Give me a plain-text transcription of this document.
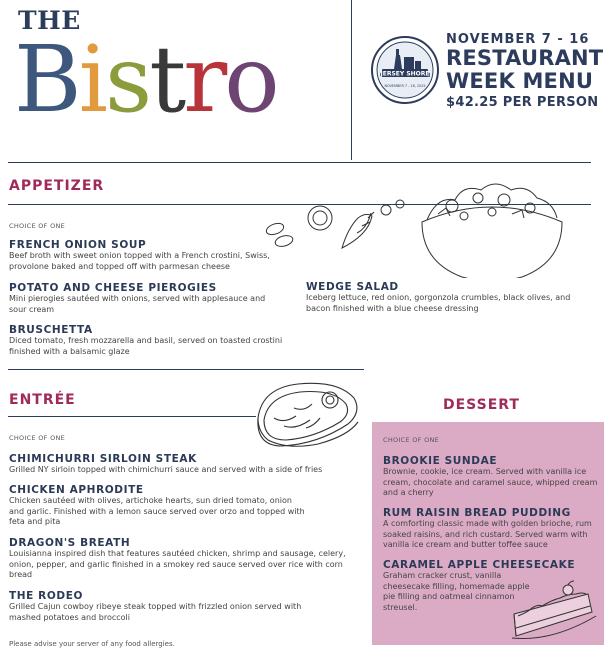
THE
Bistro	JERSEY SHORE
NOVEMBER 7 - 16, 2025
NOVEMBER 7 - 16
RESTAURANT
WEEK MENU
$42.25 PER PERSON
APPETIZER
CHOICE OF ONE
FRENCH ONION SOUP
Beef broth with sweet onion topped with a French crostini, Swiss, provolone baked and topped off with parmesan cheese
POTATO AND CHEESE PIEROGIES
Mini pierogies sautéed with onions, served with applesauce and sour cream
BRUSCHETTA
Diced tomato, fresh mozzarella and basil, served on toasted crostini finished with a balsamic glaze
WEDGE SALAD
Iceberg lettuce, red onion, gorgonzola crumbles, black olives, and bacon finished with a blue cheese dressing
ENTRÉE
CHOICE OF ONE
CHIMICHURRI SIRLOIN STEAK
Grilled NY sirloin topped with chimichurri sauce and served with a side of fries
CHICKEN APHRODITE
Chicken sautéed with olives, artichoke hearts, sun dried tomato, onion and garlic. Finished with a lemon sauce served over orzo and topped with feta and pita
DRAGON'S BREATH
Louisianna inspired dish that features sautéed chicken, shrimp and sausage, celery, onion, pepper, and garlic finished in a smokey red sauce served over rice with corn bread
THE RODEO
Grilled Cajun cowboy ribeye steak topped with frizzled onion served with mashed potatoes and broccoli
Please advise your server of any food allergies.
DESSERT
CHOICE OF ONE
BROOKIE SUNDAE
Brownie, cookie, ice cream. Served with vanilla ice cream, chocolate and caramel sauce, whipped cream and a cherry
RUM RAISIN BREAD PUDDING
A comforting classic made with golden brioche, rum soaked raisins, and rich custard. Served warm with vanilla ice cream and butter toffee sauce
CARAMEL APPLE CHEESECAKE
Graham cracker crust, vanilla cheesecake filling, homemade apple pie filling and oatmeal cinnamon streusel.
